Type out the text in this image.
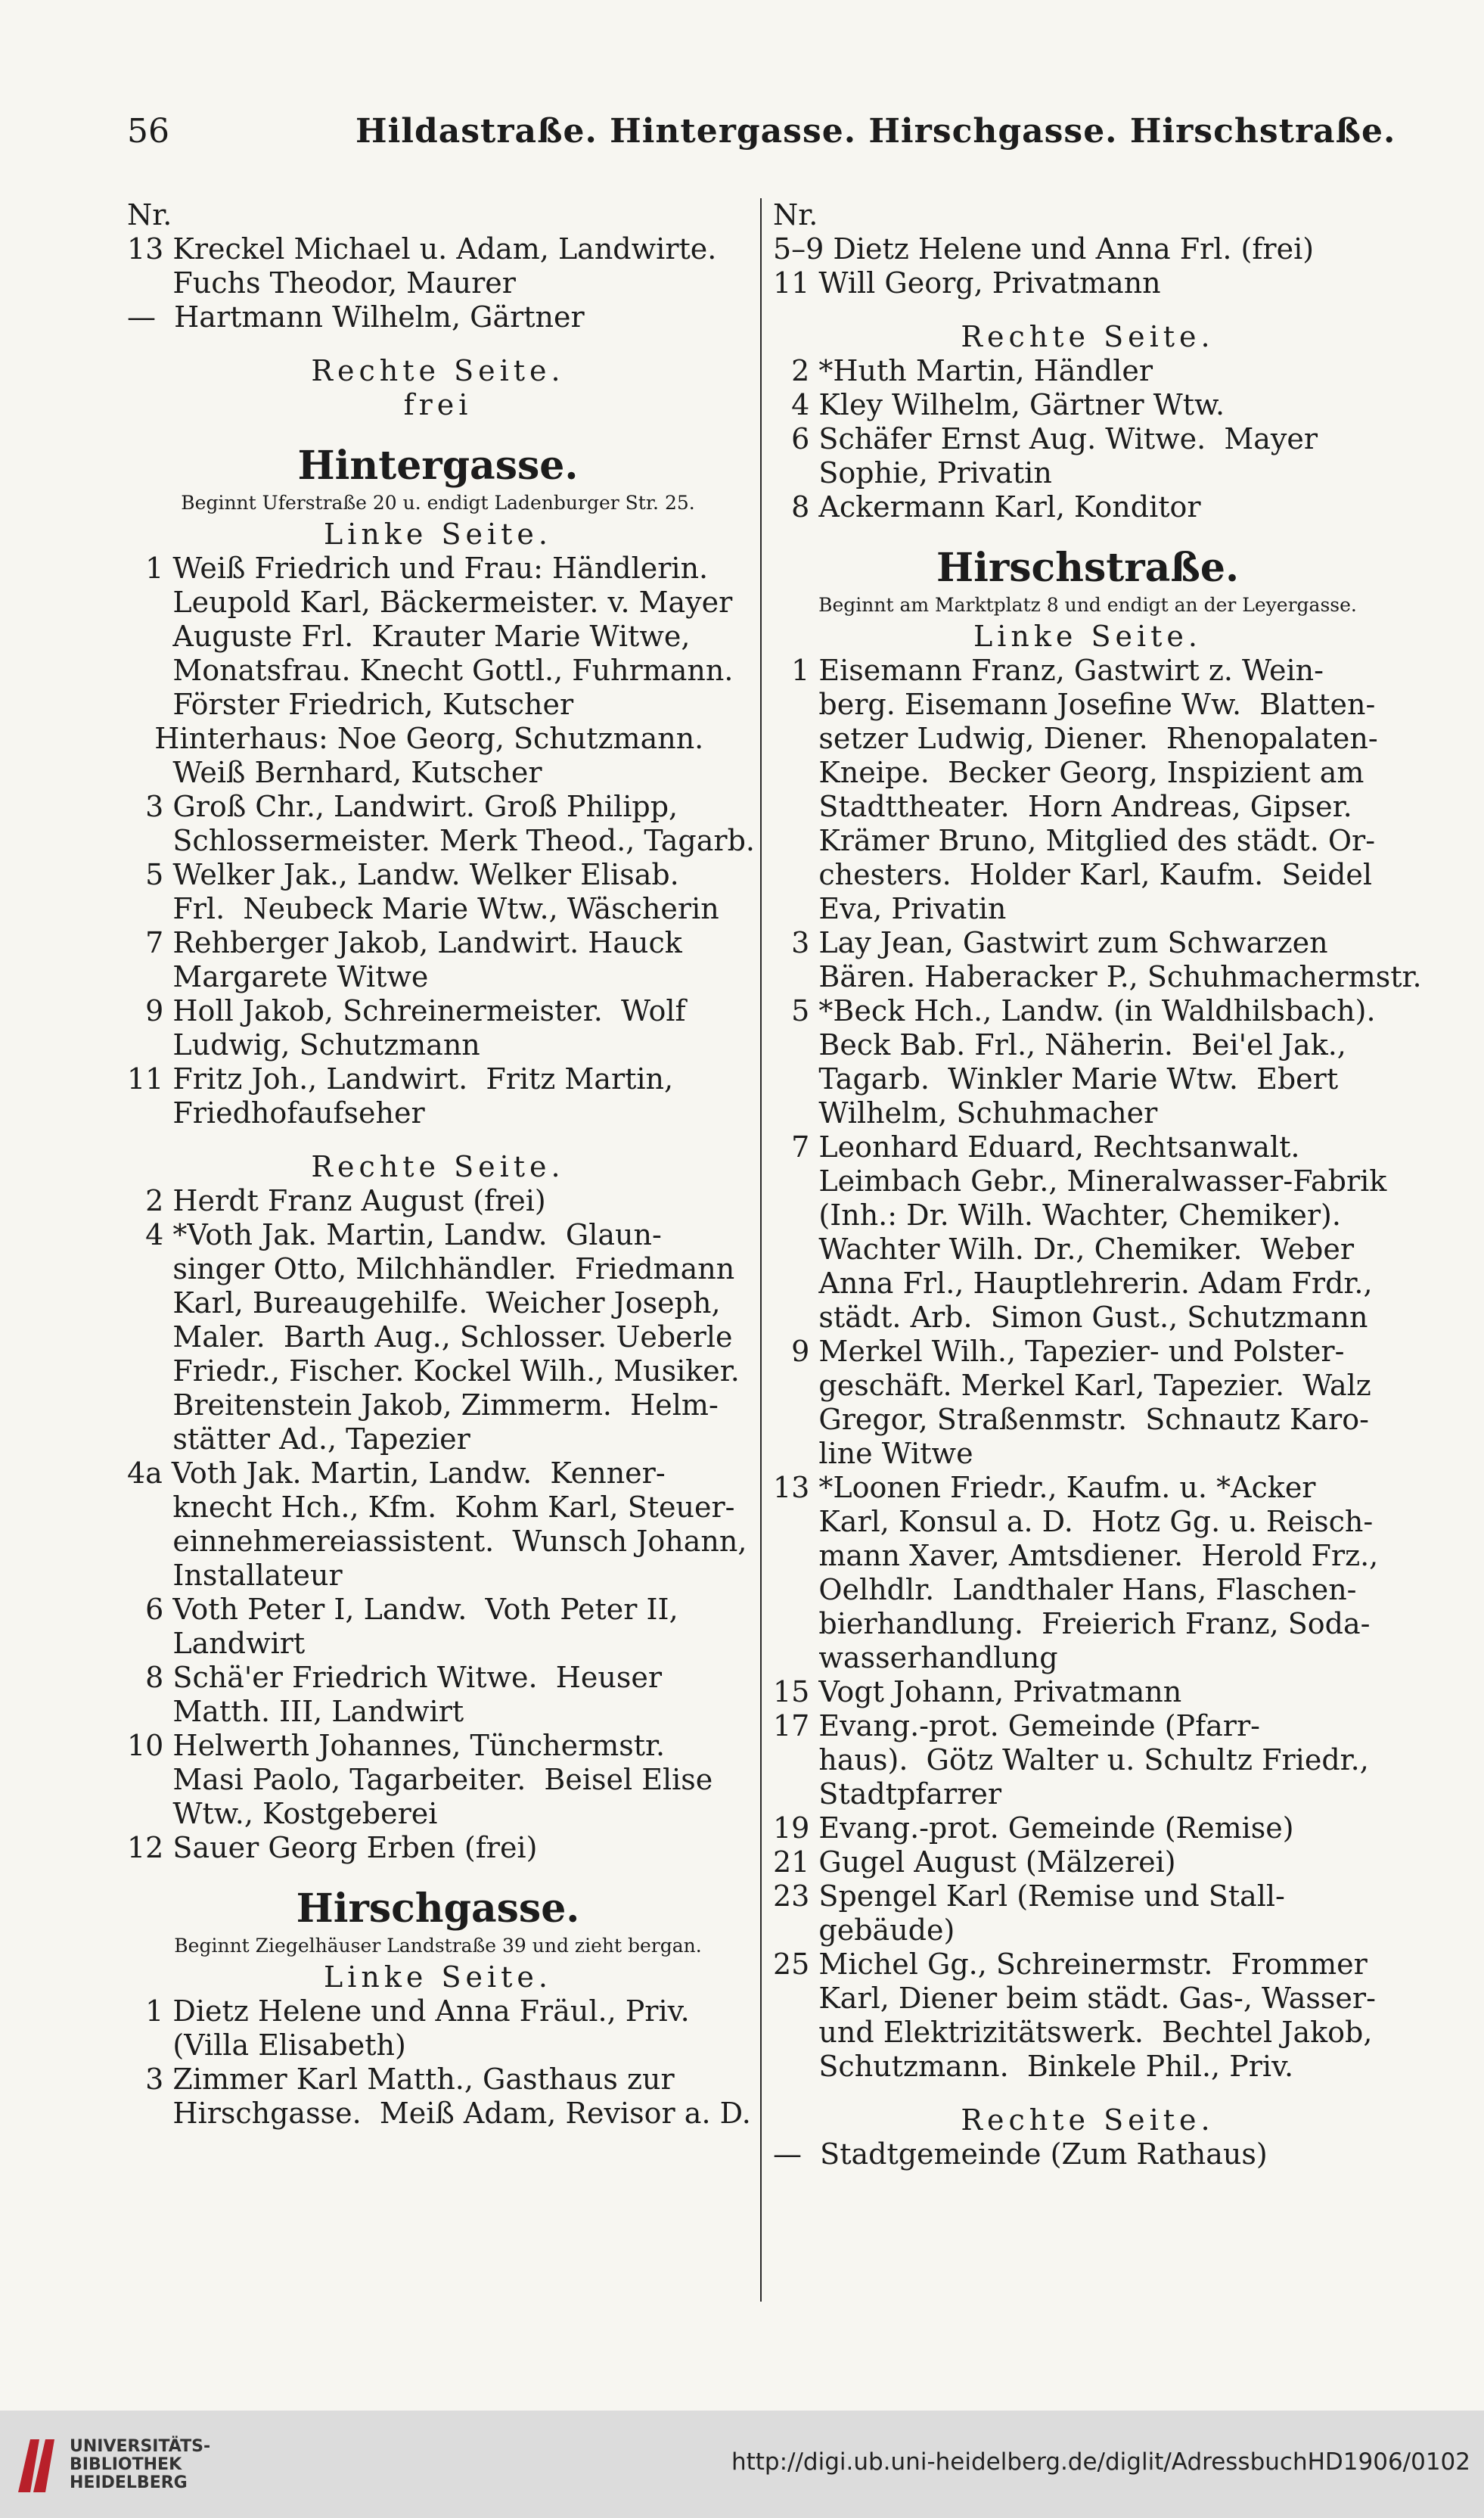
56	Hildastraße. Hintergasse. Hirschgasse. Hirschstraße.
Nr.
13 Kreckel Michael u. Adam, Landwirte.
Fuchs Theodor, Maurer
—  Hartmann Wilhelm, Gärtner
Rechte Seite.
frei
Hintergasse.
Beginnt Uferstraße 20 u. endigt Ladenburger Str. 25.
Linke Seite.
1 Weiß Friedrich und Frau: Händlerin.
Leupold Karl, Bäckermeister. v. Mayer
Auguste Frl.  Krauter Marie Witwe,
Monatsfrau. Knecht Gottl., Fuhrmann.
Förster Friedrich, Kutscher
Hinterhaus: Noe Georg, Schutzmann.
Weiß Bernhard, Kutscher
3 Groß Chr., Landwirt. Groß Philipp,
Schlossermeister. Merk Theod., Tagarb.
5 Welker Jak., Landw. Welker Elisab.
Frl.  Neubeck Marie Wtw., Wäscherin
7 Rehberger Jakob, Landwirt. Hauck
Margarete Witwe
9 Holl Jakob, Schreinermeister.  Wolf
Ludwig, Schutzmann
11 Fritz Joh., Landwirt.  Fritz Martin,
Friedhofaufseher
Rechte Seite.
2 Herdt Franz August (frei)
4 *Voth Jak. Martin, Landw.  Glaun-
singer Otto, Milchhändler.  Friedmann
Karl, Bureaugehilfe.  Weicher Joseph,
Maler.  Barth Aug., Schlosser. Ueberle
Friedr., Fischer. Kockel Wilh., Musiker.
Breitenstein Jakob, Zimmerm.  Helm-
stätter Ad., Tapezier
4a Voth Jak. Martin, Landw.  Kenner-
knecht Hch., Kfm.  Kohm Karl, Steuer-
einnehmereiassistent.  Wunsch Johann,
Installateur
6 Voth Peter I, Landw.  Voth Peter II,
Landwirt
8 Schä'er Friedrich Witwe.  Heuser
Matth. III, Landwirt
10 Helwerth Johannes, Tünchermstr.
Masi Paolo, Tagarbeiter.  Beisel Elise
Wtw., Kostgeberei
12 Sauer Georg Erben (frei)
Hirschgasse.
Beginnt Ziegelhäuser Landstraße 39 und zieht bergan.
Linke Seite.
1 Dietz Helene und Anna Fräul., Priv.
(Villa Elisabeth)
3 Zimmer Karl Matth., Gasthaus zur
Hirschgasse.  Meiß Adam, Revisor a. D.
Nr.
5–9 Dietz Helene und Anna Frl. (frei)
11 Will Georg, Privatmann
Rechte Seite.
2 *Huth Martin, Händler
4 Kley Wilhelm, Gärtner Wtw.
6 Schäfer Ernst Aug. Witwe.  Mayer
Sophie, Privatin
8 Ackermann Karl, Konditor
Hirschstraße.
Beginnt am Marktplatz 8 und endigt an der Leyergasse.
Linke Seite.
1 Eisemann Franz, Gastwirt z. Wein-
berg. Eisemann Josefine Ww.  Blatten-
setzer Ludwig, Diener.  Rhenopalaten-
Kneipe.  Becker Georg, Inspizient am
Stadttheater.  Horn Andreas, Gipser.
Krämer Bruno, Mitglied des städt. Or-
chesters.  Holder Karl, Kaufm.  Seidel
Eva, Privatin
3 Lay Jean, Gastwirt zum Schwarzen
Bären. Haberacker P., Schuhmachermstr.
5 *Beck Hch., Landw. (in Waldhilsbach).
Beck Bab. Frl., Näherin.  Bei'el Jak.,
Tagarb.  Winkler Marie Wtw.  Ebert
Wilhelm, Schuhmacher
7 Leonhard Eduard, Rechtsanwalt.
Leimbach Gebr., Mineralwasser-Fabrik
(Inh.: Dr. Wilh. Wachter, Chemiker).
Wachter Wilh. Dr., Chemiker.  Weber
Anna Frl., Hauptlehrerin. Adam Frdr.,
städt. Arb.  Simon Gust., Schutzmann
9 Merkel Wilh., Tapezier- und Polster-
geschäft. Merkel Karl, Tapezier.  Walz
Gregor, Straßenmstr.  Schnautz Karo-
line Witwe
13 *Loonen Friedr., Kaufm. u. *Acker
Karl, Konsul a. D.  Hotz Gg. u. Reisch-
mann Xaver, Amtsdiener.  Herold Frz.,
Oelhdlr.  Landthaler Hans, Flaschen-
bierhandlung.  Freierich Franz, Soda-
wasserhandlung
15 Vogt Johann, Privatmann
17 Evang.-prot. Gemeinde (Pfarr-
haus).  Götz Walter u. Schultz Friedr.,
Stadtpfarrer
19 Evang.-prot. Gemeinde (Remise)
21 Gugel August (Mälzerei)
23 Spengel Karl (Remise und Stall-
gebäude)
25 Michel Gg., Schreinermstr.  Frommer
Karl, Diener beim städt. Gas-, Wasser-
und Elektrizitätswerk.  Bechtel Jakob,
Schutzmann.  Binkele Phil., Priv.
Rechte Seite.
—  Stadtgemeinde (Zum Rathaus)
UNIVERSITÄTS-
BIBLIOTHEK
HEIDELBERG
http://digi.ub.uni-heidelberg.de/diglit/AdressbuchHD1906/0102
